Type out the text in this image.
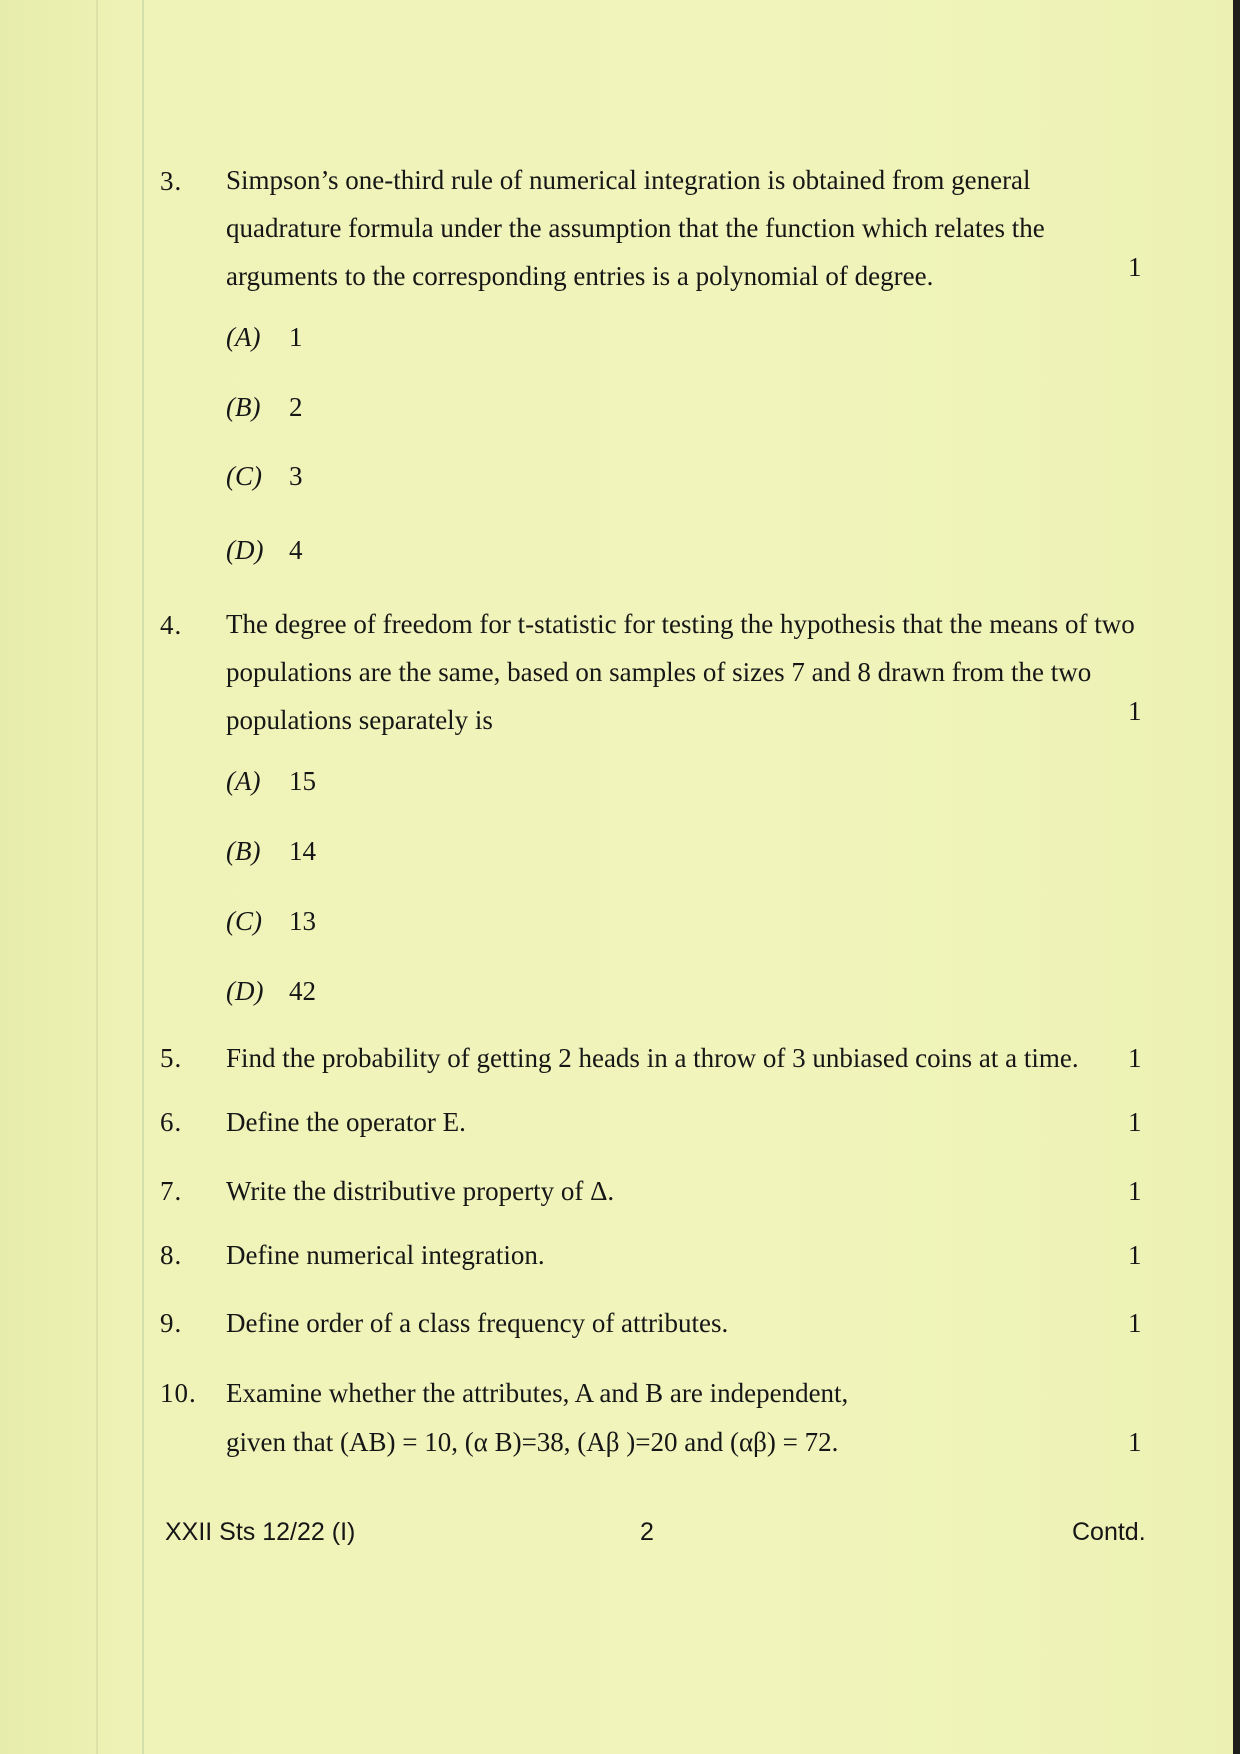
3. Simpson’s one-third rule of numerical integration is obtained from general quadrature formula under the assumption that the function which relates the arguments to the corresponding entries is a polynomial of degree.	1
(A) 1
(B) 2
(C) 3
(D) 4
4. The degree of freedom for t-statistic for testing the hypothesis that the means of two populations are the same, based on samples of sizes 7 and 8 drawn from the two populations separately is	1
(A) 15
(B) 14
(C) 13
(D) 42
5. Find the probability of getting 2 heads in a throw of 3 unbiased coins at a time.	1
6. Define the operator E.	1
7. Write the distributive property of Δ.	1
8. Define numerical integration.	1
9. Define order of a class frequency of attributes.	1
10. Examine whether the attributes, A and B are independent,
given that (AB) = 10, (α B)=38, (Aβ )=20 and (αβ) = 72.	1
XXII Sts 12/22 (I)	2	Contd.
